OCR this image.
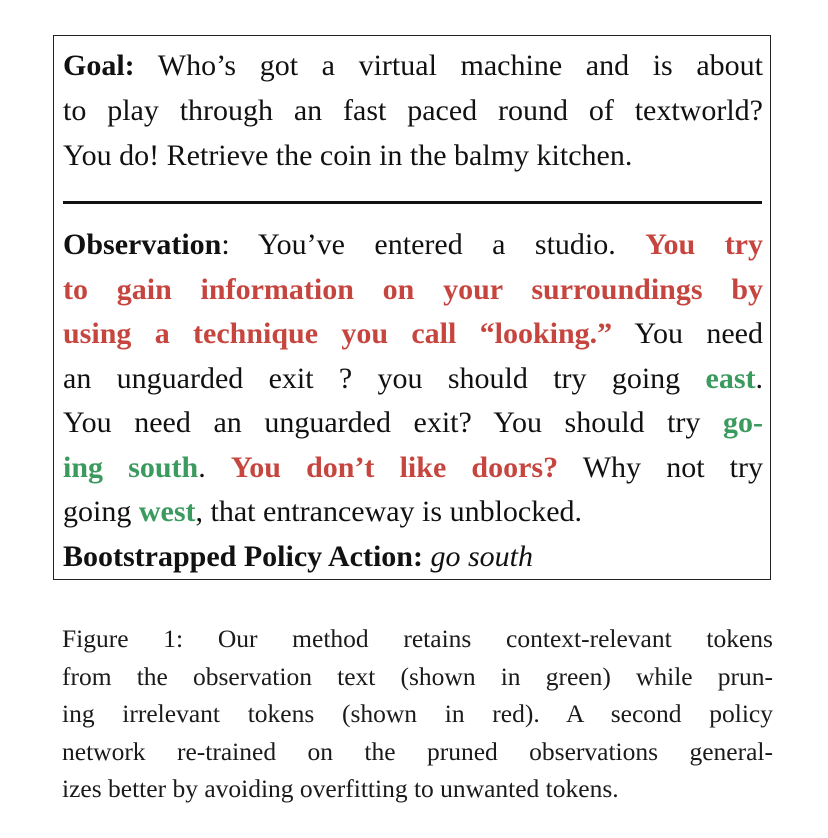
Goal: Who’s got a virtual machine and is about
to play through an fast paced round of textworld?
You do! Retrieve the coin in the balmy kitchen.
Observation: You’ve entered a studio. You try
to gain information on your surroundings by
using a technique you call “looking.” You need
an unguarded exit ? you should try going east.
You need an unguarded exit? You should try go-
ing south. You don’t like doors? Why not try
going west, that entranceway is unblocked.
Bootstrapped Policy Action: go south
Figure 1: Our method retains context-relevant tokens
from the observation text (shown in green) while prun-
ing irrelevant tokens (shown in red). A second policy
network re-trained on the pruned observations general-
izes better by avoiding overfitting to unwanted tokens.
